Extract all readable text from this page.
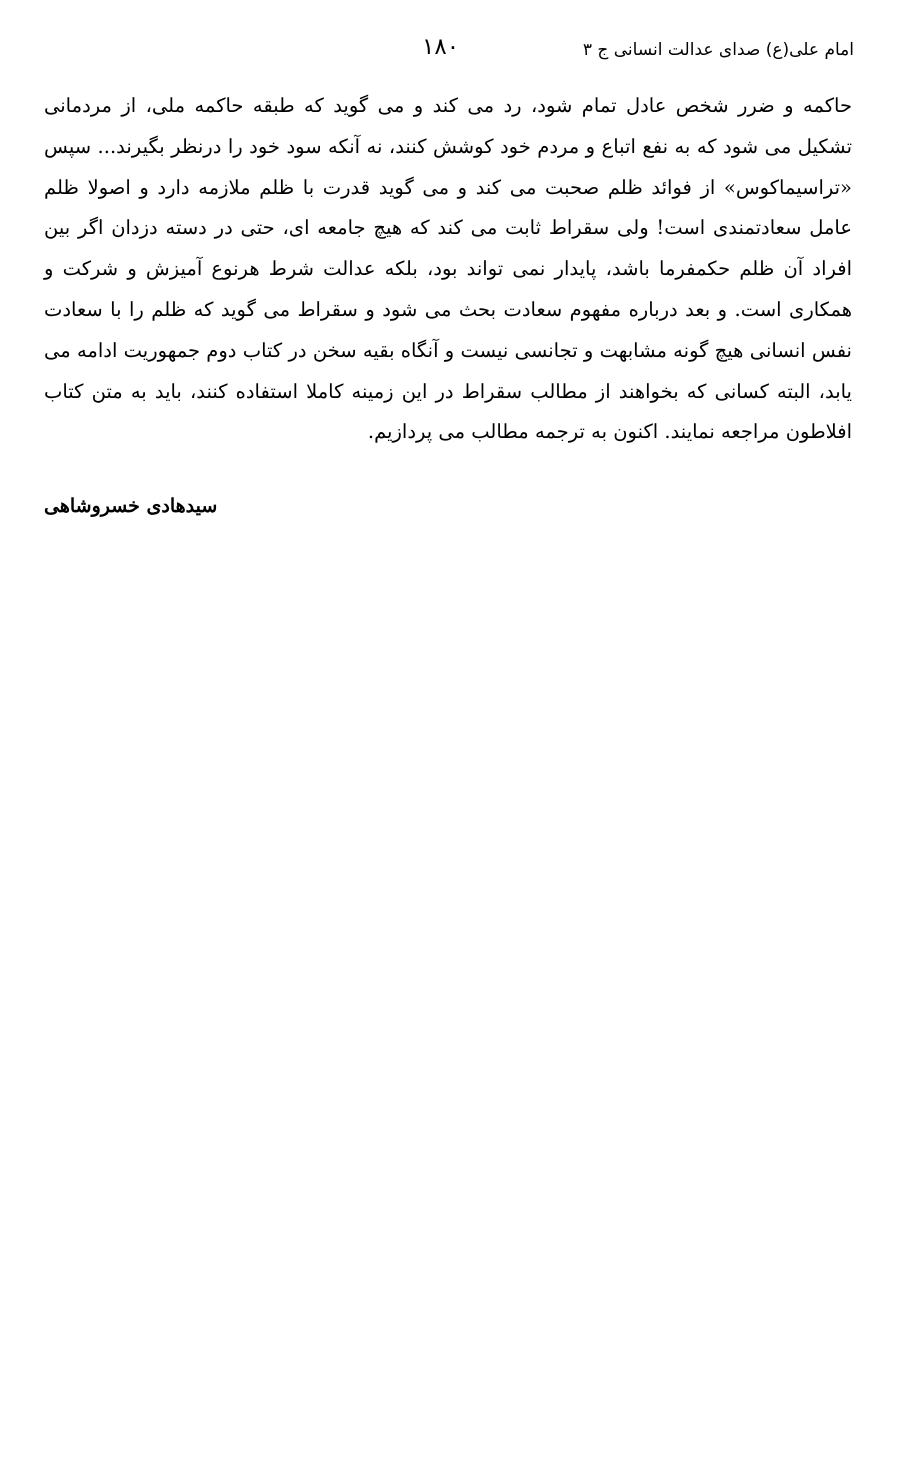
امام علی(ع) صدای عدالت انسانی ج ۳
۱۸۰

حاکمه و ضرر شخص عادل تمام شود، رد می کند و می گوید که طبقه حاکمه ملی، از مردمانی تشکیل می شود که به نفع اتباع و مردم خود کوشش کنند، نه آنکه سود خود را درنظر بگیرند... سپس «تراسیماکوس» از فوائد ظلم صحبت می کند و می گوید قدرت با ظلم ملازمه دارد و اصولا ظلم عامل سعادتمندی است! ولی سقراط ثابت می کند که هیچ جامعه ای، حتی در دسته دزدان اگر بین افراد آن ظلم حکمفرما باشد، پایدار نمی تواند بود، بلکه عدالت شرط هرنوع آمیزش و شرکت و همکاری است. و بعد درباره مفهوم سعادت بحث می شود و سقراط می گوید که ظلم را با سعادت نفس انسانی هیچ گونه مشابهت و تجانسی نیست و آنگاه بقیه سخن در کتاب دوم جمهوریت ادامه می یابد، البته کسانی که بخواهند از مطالب سقراط در این زمینه کاملا استفاده کنند، باید به متن کتاب افلاطون مراجعه نمایند. اکنون به ترجمه مطالب می پردازیم.

سیدهادی خسروشاهی
